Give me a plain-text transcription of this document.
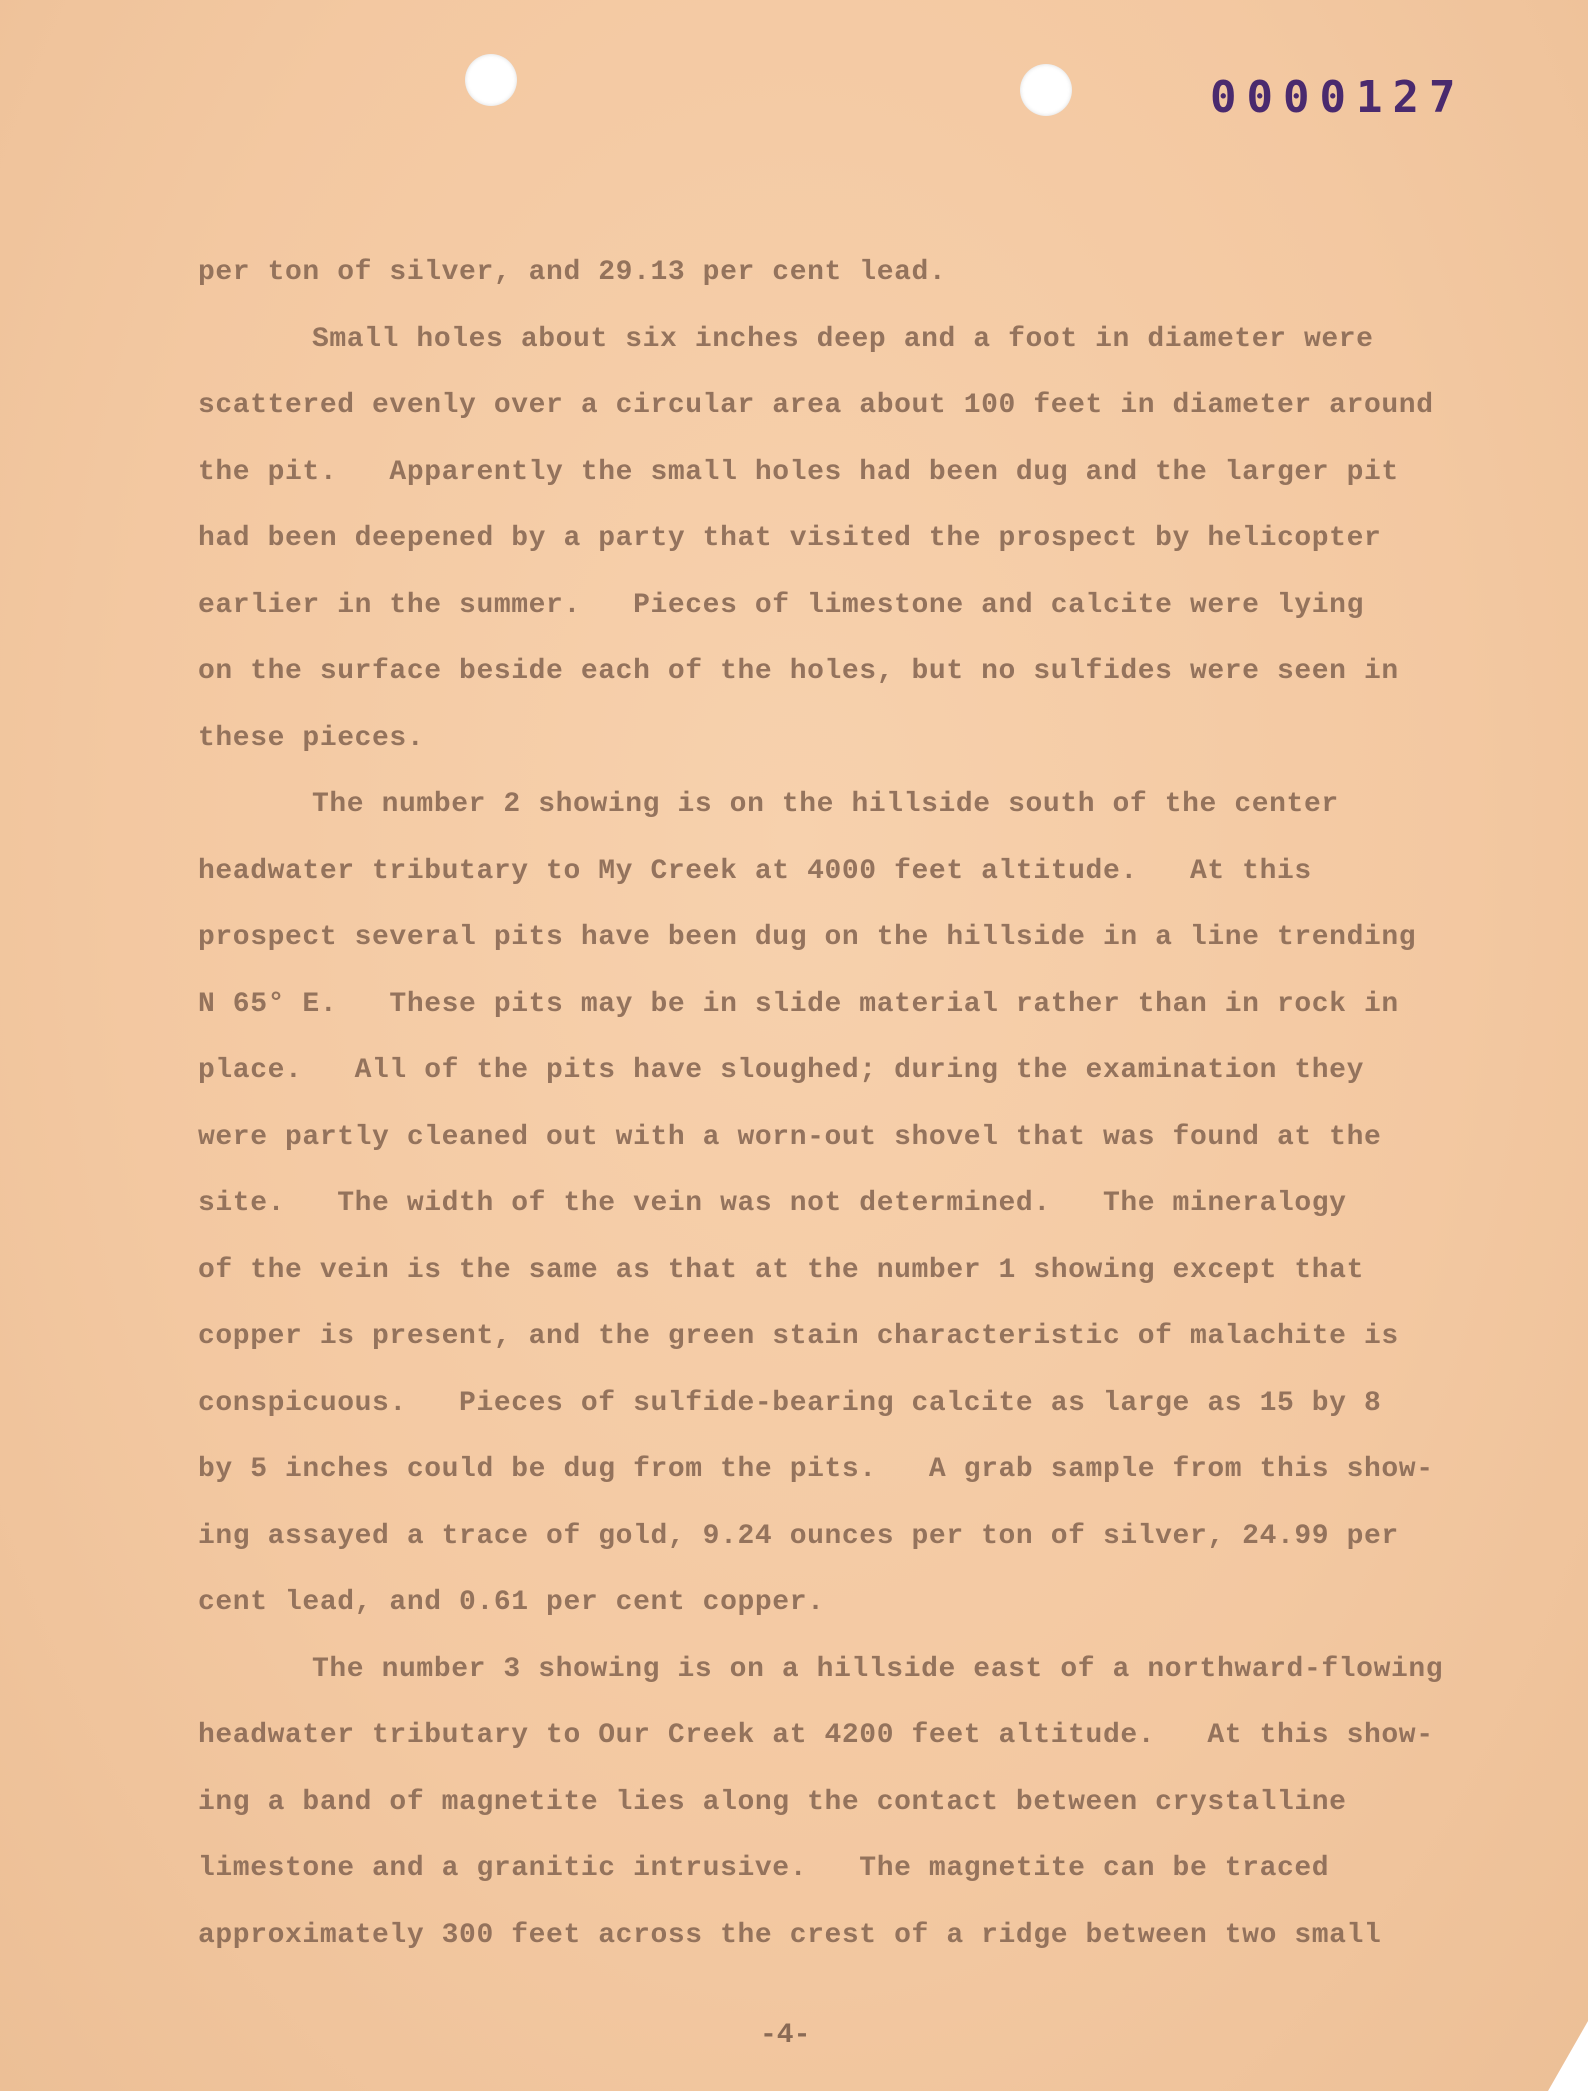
0000127
per ton of silver, and 29.13 per cent lead.
Small holes about six inches deep and a foot in diameter were
scattered evenly over a circular area about 100 feet in diameter around
the pit.   Apparently the small holes had been dug and the larger pit
had been deepened by a party that visited the prospect by helicopter
earlier in the summer.   Pieces of limestone and calcite were lying
on the surface beside each of the holes, but no sulfides were seen in
these pieces.
The number 2 showing is on the hillside south of the center
headwater tributary to My Creek at 4000 feet altitude.   At this
prospect several pits have been dug on the hillside in a line trending
N 65° E.   These pits may be in slide material rather than in rock in
place.   All of the pits have sloughed; during the examination they
were partly cleaned out with a worn-out shovel that was found at the
site.   The width of the vein was not determined.   The mineralogy
of the vein is the same as that at the number 1 showing except that
copper is present, and the green stain characteristic of malachite is
conspicuous.   Pieces of sulfide-bearing calcite as large as 15 by 8
by 5 inches could be dug from the pits.   A grab sample from this show-
ing assayed a trace of gold, 9.24 ounces per ton of silver, 24.99 per
cent lead, and 0.61 per cent copper.
The number 3 showing is on a hillside east of a northward-flowing
headwater tributary to Our Creek at 4200 feet altitude.   At this show-
ing a band of magnetite lies along the contact between crystalline
limestone and a granitic intrusive.   The magnetite can be traced
approximately 300 feet across the crest of a ridge between two small
-4-
